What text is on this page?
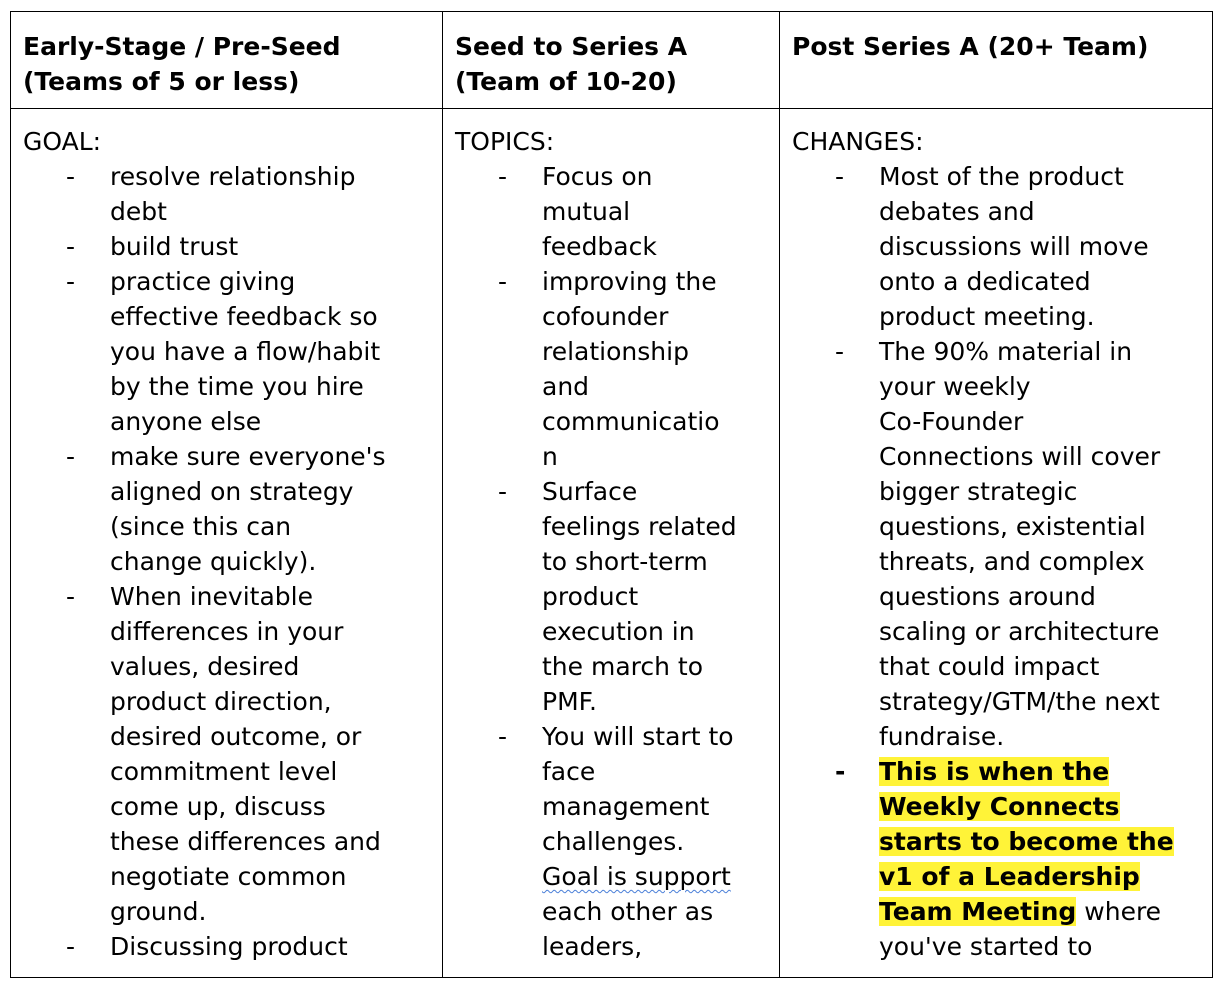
Early-Stage / Pre-Seed
(Teams of 5 or less)
Seed to Series A
(Team of 10-20)
Post Series A (20+ Team)
GOAL:
- resolve relationship
debt
- build trust
- practice giving
effective feedback so
you have a flow/habit
by the time you hire
anyone else
- make sure everyone's
aligned on strategy
(since this can
change quickly).
- When inevitable
differences in your
values, desired
product direction,
desired outcome, or
commitment level
come up, discuss
these differences and
negotiate common
ground.
- Discussing product
TOPICS:
- Focus on
mutual
feedback
- improving the
cofounder
relationship
and
communicatio
n
- Surface
feelings related
to short-term
product
execution in
the march to
PMF.
- You will start to
face
management
challenges.
Goal is support
each other as
leaders,
CHANGES:
- Most of the product
debates and
discussions will move
onto a dedicated
product meeting.
- The 90% material in
your weekly
Co-Founder
Connections will cover
bigger strategic
questions, existential
threats, and complex
questions around
scaling or architecture
that could impact
strategy/GTM/the next
fundraise.
- This is when the
Weekly Connects
starts to become the
v1 of a Leadership
Team Meeting where
you've started to
